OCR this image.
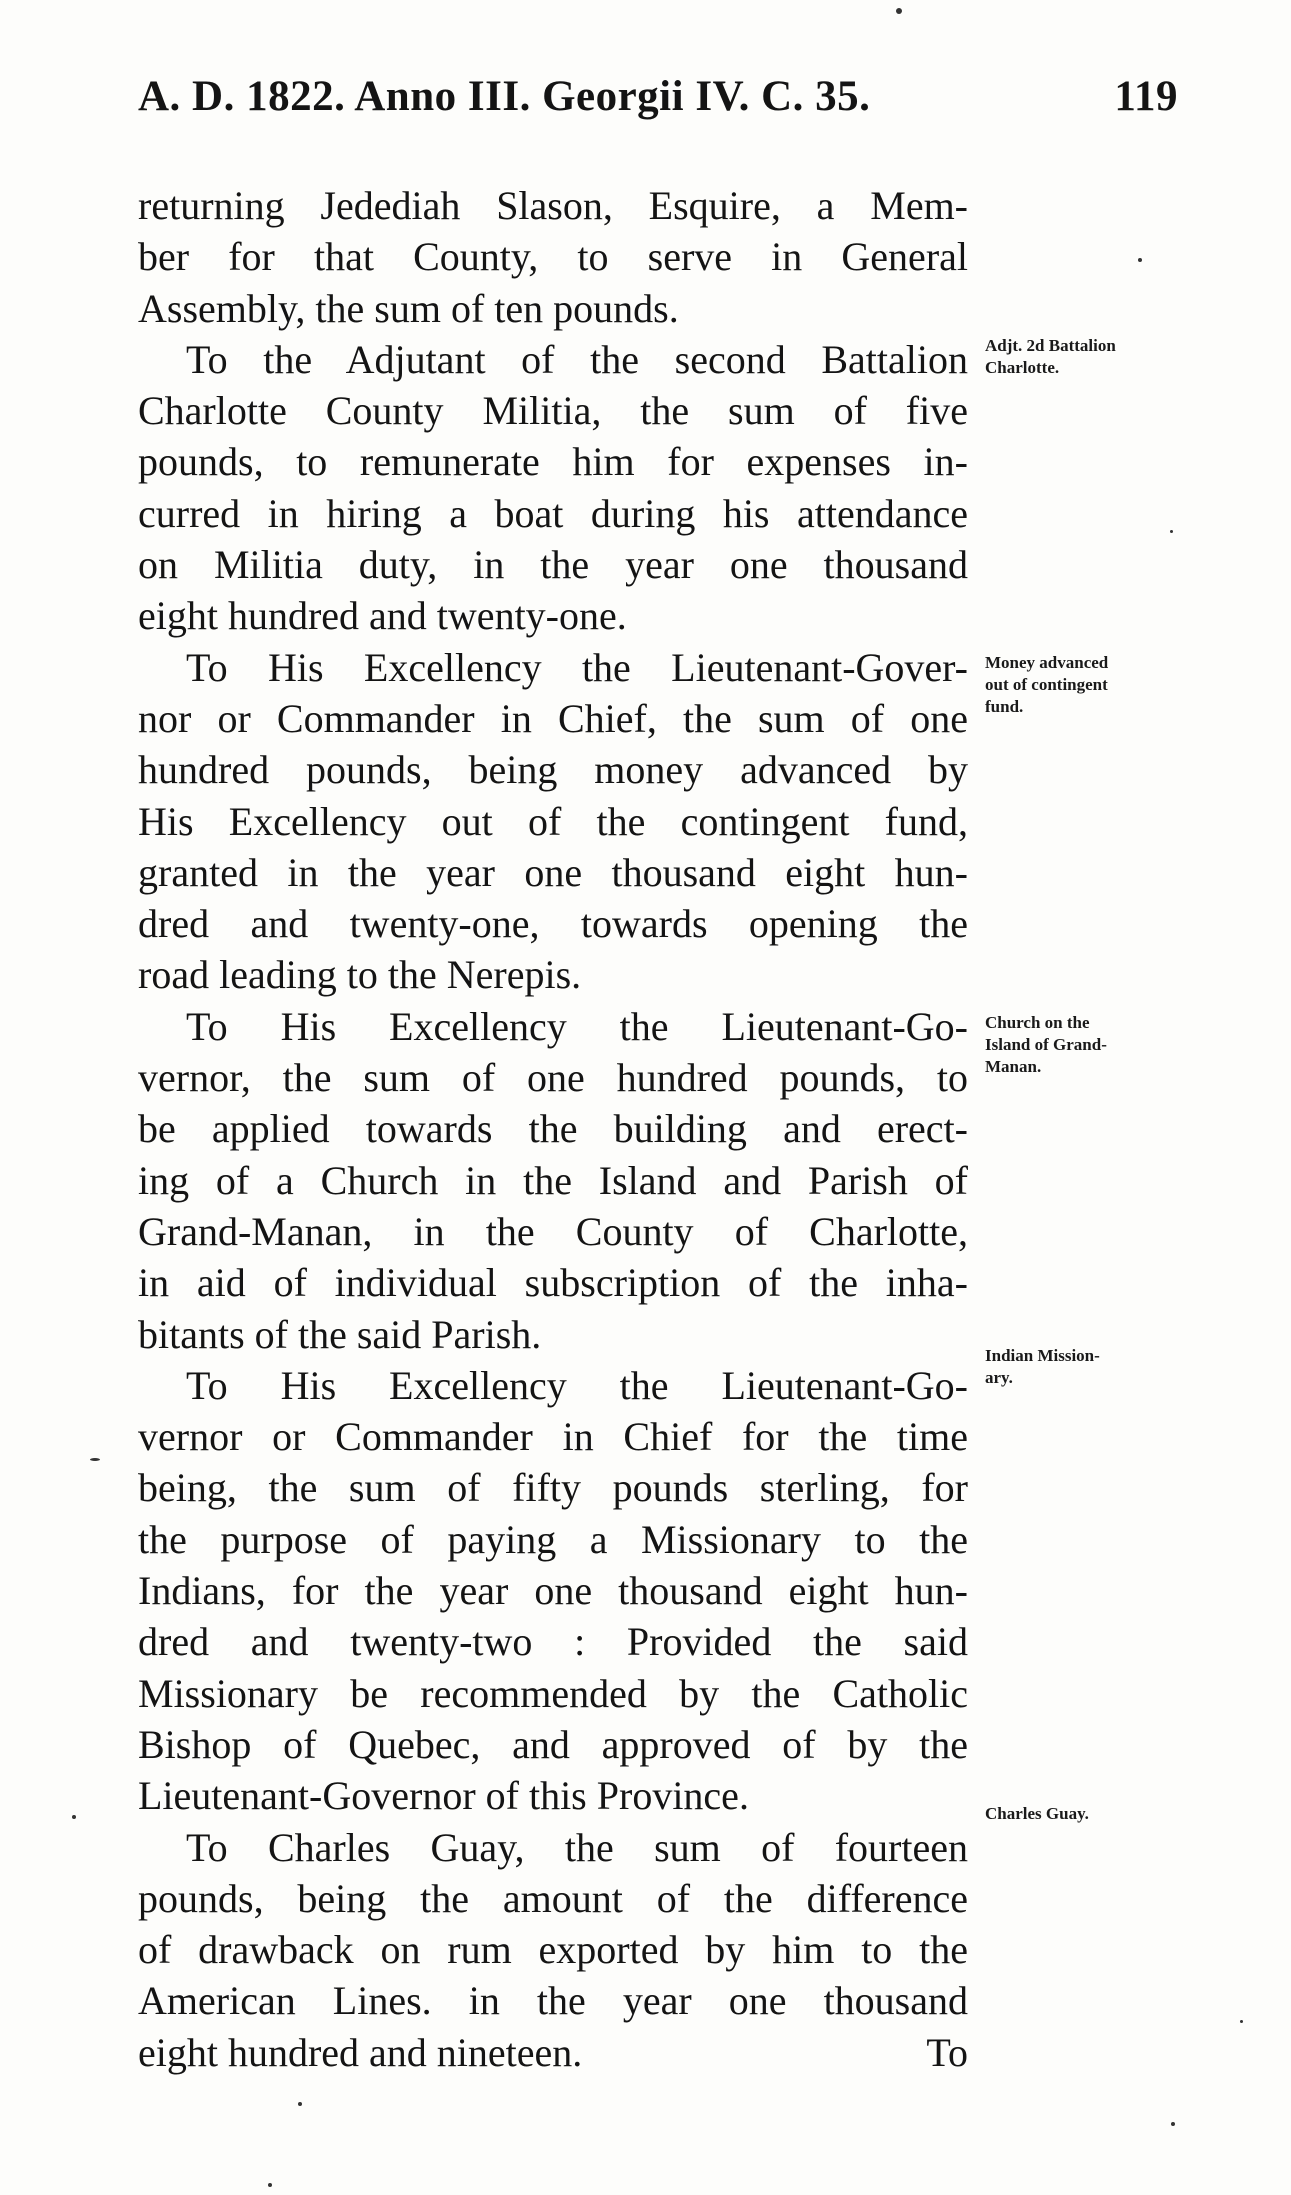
A. D. 1822. Anno III. Georgii IV. C. 35.	119

returning Jedediah Slason, Esquire, a Mem-
ber for that County, to serve in General
Assembly, the sum of ten pounds.

To the Adjutant of the second Battalion
Charlotte County Militia, the sum of five
pounds, to remunerate him for expenses in-
curred in hiring a boat during his attendance
on Militia duty, in the year one thousand
eight hundred and twenty-one.

To His Excellency the Lieutenant-Gover-
nor or Commander in Chief, the sum of one
hundred pounds, being money advanced by
His Excellency out of the contingent fund,
granted in the year one thousand eight hun-
dred and twenty-one, towards opening the
road leading to the Nerepis.

To His Excellency the Lieutenant-Go-
vernor, the sum of one hundred pounds, to
be applied towards the building and erect-
ing of a Church in the Island and Parish of
Grand-Manan, in the County of Charlotte,
in aid of individual subscription of the inha-
bitants of the said Parish.

To His Excellency the Lieutenant-Go-
vernor or Commander in Chief for the time
being, the sum of fifty pounds sterling, for
the purpose of paying a Missionary to the
Indians, for the year one thousand eight hun-
dred and twenty-two : Provided the said
Missionary be recommended by the Catholic
Bishop of Quebec, and approved of by the
Lieutenant-Governor of this Province.

To Charles Guay, the sum of fourteen
pounds, being the amount of the difference
of drawback on rum exported by him to the
American Lines. in the year one thousand
eight hundred and nineteen.	To

Adjt. 2d Battalion
Charlotte.
Money advanced
out of contingent
fund.
Church on the
Island of Grand-
Manan.
Indian Mission-
ary.
Charles Guay.
